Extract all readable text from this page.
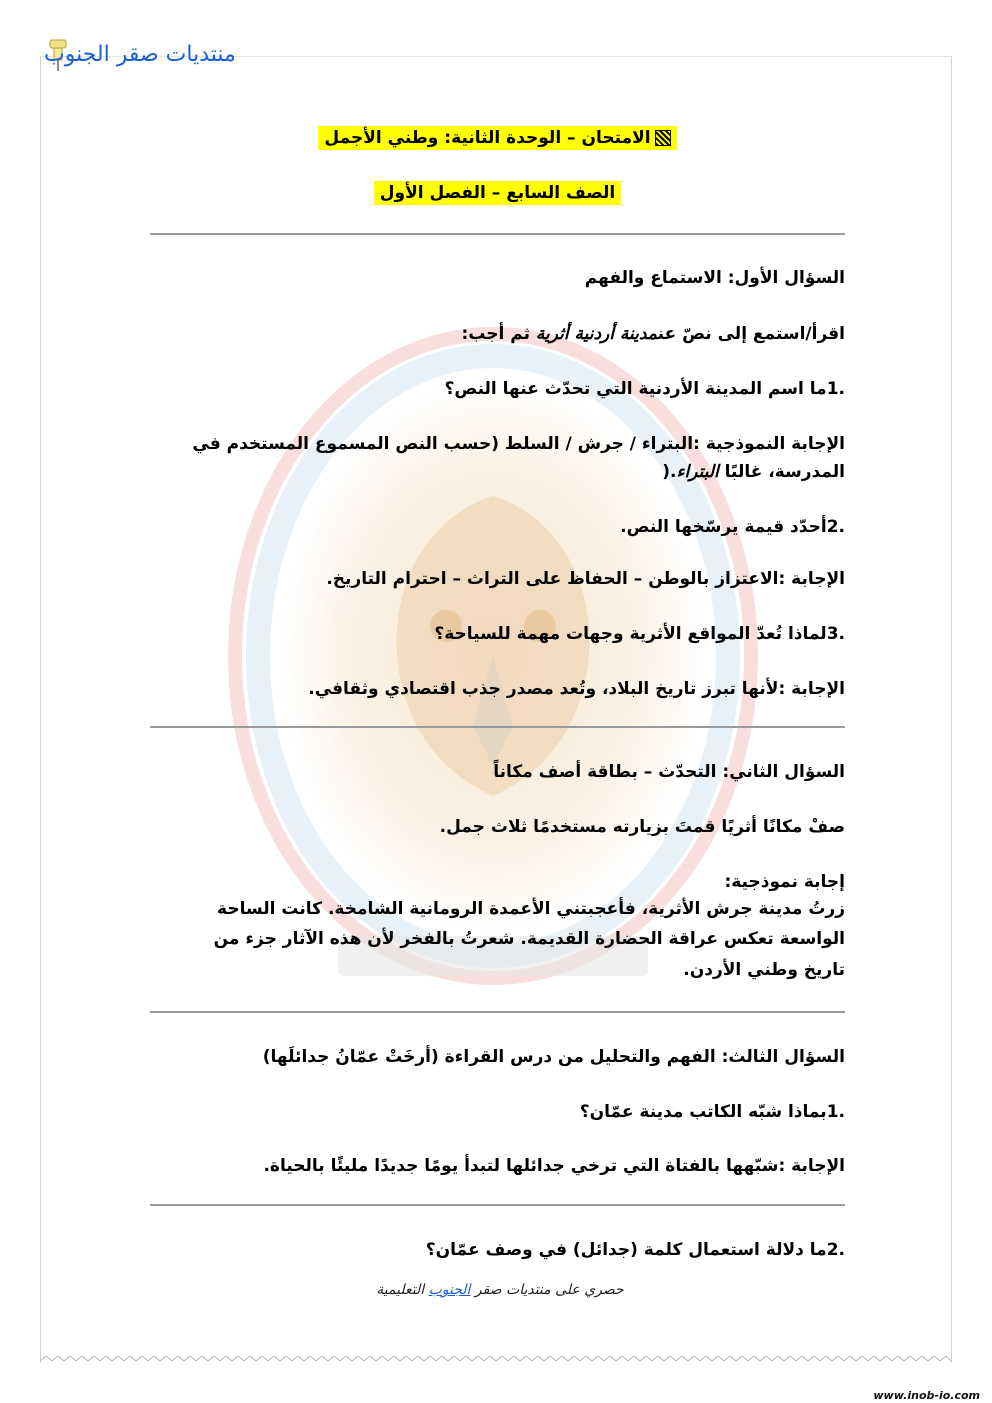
منتديات صقر الجنوب
الامتحان – الوحدة الثانية: وطني الأجمل
الصف السابع – الفصل الأول
السؤال الأول: الاستماع والفهم
اقرأ/استمع إلى نصّ عنمدينة أردنية أثرية ثم أجب:
.1ما اسم المدينة الأردنية التي تحدّث عنها النص؟
الإجابة النموذجية :البتراء / جرش / السلط (حسب النص المسموع المستخدم في
المدرسة، غالبًا البتراء.(
.2أحدّد قيمة يرسّخها النص.
الإجابة :الاعتزاز بالوطن – الحفاظ على التراث – احترام التاريخ.
.3لماذا تُعدّ المواقع الأثرية وجهات مهمة للسياحة؟
الإجابة :لأنها تبرز تاريخ البلاد، وتُعد مصدر جذب اقتصادي وثقافي.
السؤال الثاني: التحدّث – بطاقة أصف مكاناً
صفْ مكانًا أثريًا قمتَ بزيارته مستخدمًا ثلاث جمل.
إجابة نموذجية:
زرتُ مدينة جرش الأثرية، فأعجبتني الأعمدة الرومانية الشامخة. كانت الساحة
الواسعة تعكس عراقة الحضارة القديمة. شعرتُ بالفخر لأن هذه الآثار جزء من
تاريخ وطني الأردن.
السؤال الثالث: الفهم والتحليل من درس القراءة (أرخَتْ عمّانُ جدائلَها)
.1بماذا شبّه الكاتب مدينة عمّان؟
الإجابة :شبّهها بالفتاة التي ترخي جدائلها لتبدأ يومًا جديدًا مليئًا بالحياة.
.2ما دلالة استعمال كلمة (جدائل) في وصف عمّان؟
حصري على منتديات صقر الجنوب التعليمية
www.inob-io.com
